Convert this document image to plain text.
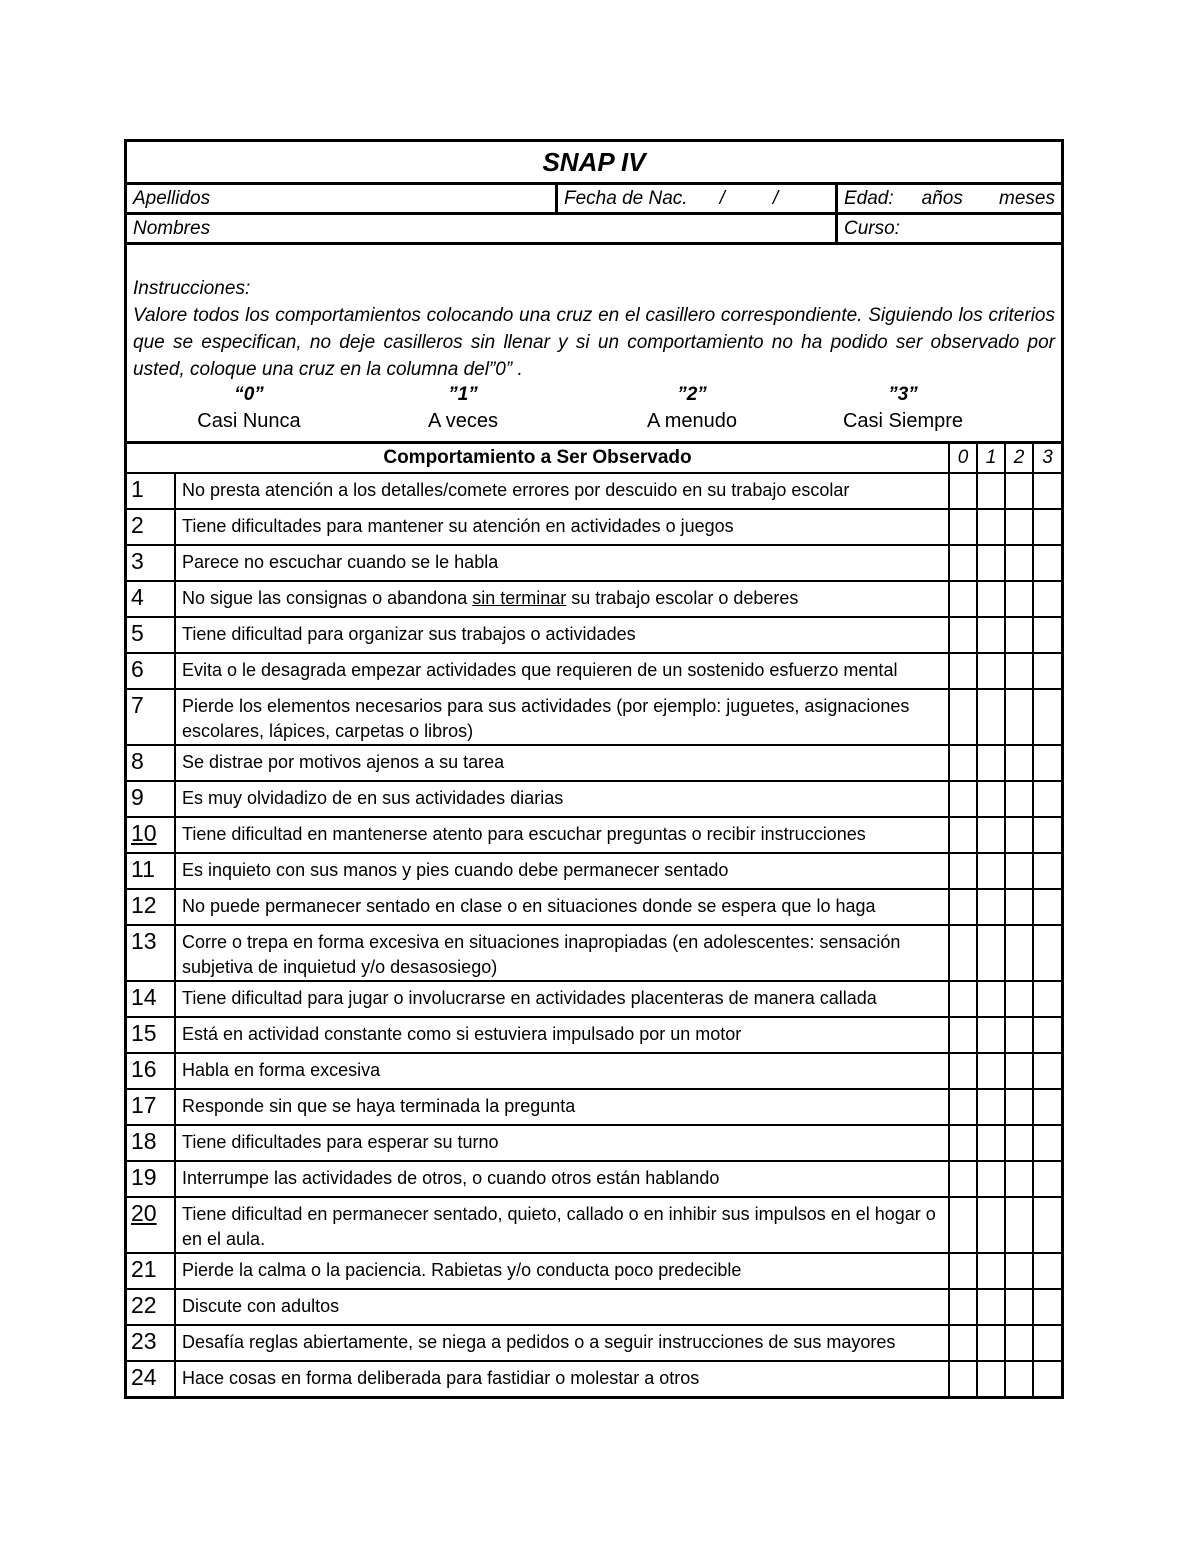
SNAP IV
Apellidos	Fecha de Nac. /	/	Edad: años meses
Nombres	Curso:
Instrucciones:
Valore todos los comportamientos colocando una cruz en el casillero correspondiente. Siguiendo los criterios que se especifican, no deje casilleros sin llenar y si un comportamiento no ha podido ser observado por usted, coloque una cruz en la columna del”0” .
“0”
Casi Nunca
”1”
A veces
”2”
A menudo
”3”
Casi Siempre
Comportamiento a Ser Observado		0	1	2	3
1	No presta atención a los detalles/comete errores por descuido en su trabajo escolar				
2	Tiene dificultades para mantener su atención en actividades o juegos				
3	Parece no escuchar cuando se le habla				
4	No sigue las consignas o abandona sin terminar su trabajo escolar o deberes				
5	Tiene dificultad para organizar sus trabajos o actividades				
6	Evita o le desagrada empezar actividades que requieren de un sostenido esfuerzo mental				
7	Pierde los elementos necesarios para sus actividades (por ejemplo: juguetes, asignaciones escolares, lápices, carpetas o libros)				
8	Se distrae por motivos ajenos a su tarea				
9	Es muy olvidadizo de en sus actividades diarias				
10	Tiene dificultad en mantenerse atento para escuchar preguntas o recibir instrucciones				
11	Es inquieto con sus manos y pies cuando debe permanecer sentado				
12	No puede permanecer sentado en clase o en situaciones donde se espera que lo haga				
13	Corre o trepa en forma excesiva en situaciones inapropiadas (en adolescentes: sensación subjetiva de inquietud y/o desasosiego)				
14	Tiene dificultad para jugar o involucrarse en actividades placenteras de manera callada				
15	Está en actividad constante como si estuviera impulsado por un motor				
16	Habla en forma excesiva				
17	Responde sin que se haya terminada la pregunta				
18	Tiene dificultades para esperar su turno				
19	Interrumpe las actividades de otros, o cuando otros están hablando				
20	Tiene dificultad en permanecer sentado, quieto, callado o en inhibir sus impulsos en el hogar o en el aula.				
21	Pierde la calma o la paciencia. Rabietas y/o conducta poco predecible				
22	Discute con adultos				
23	Desafía reglas abiertamente, se niega a pedidos o a seguir instrucciones de sus mayores				
24	Hace cosas en forma deliberada para fastidiar o molestar a otros				
